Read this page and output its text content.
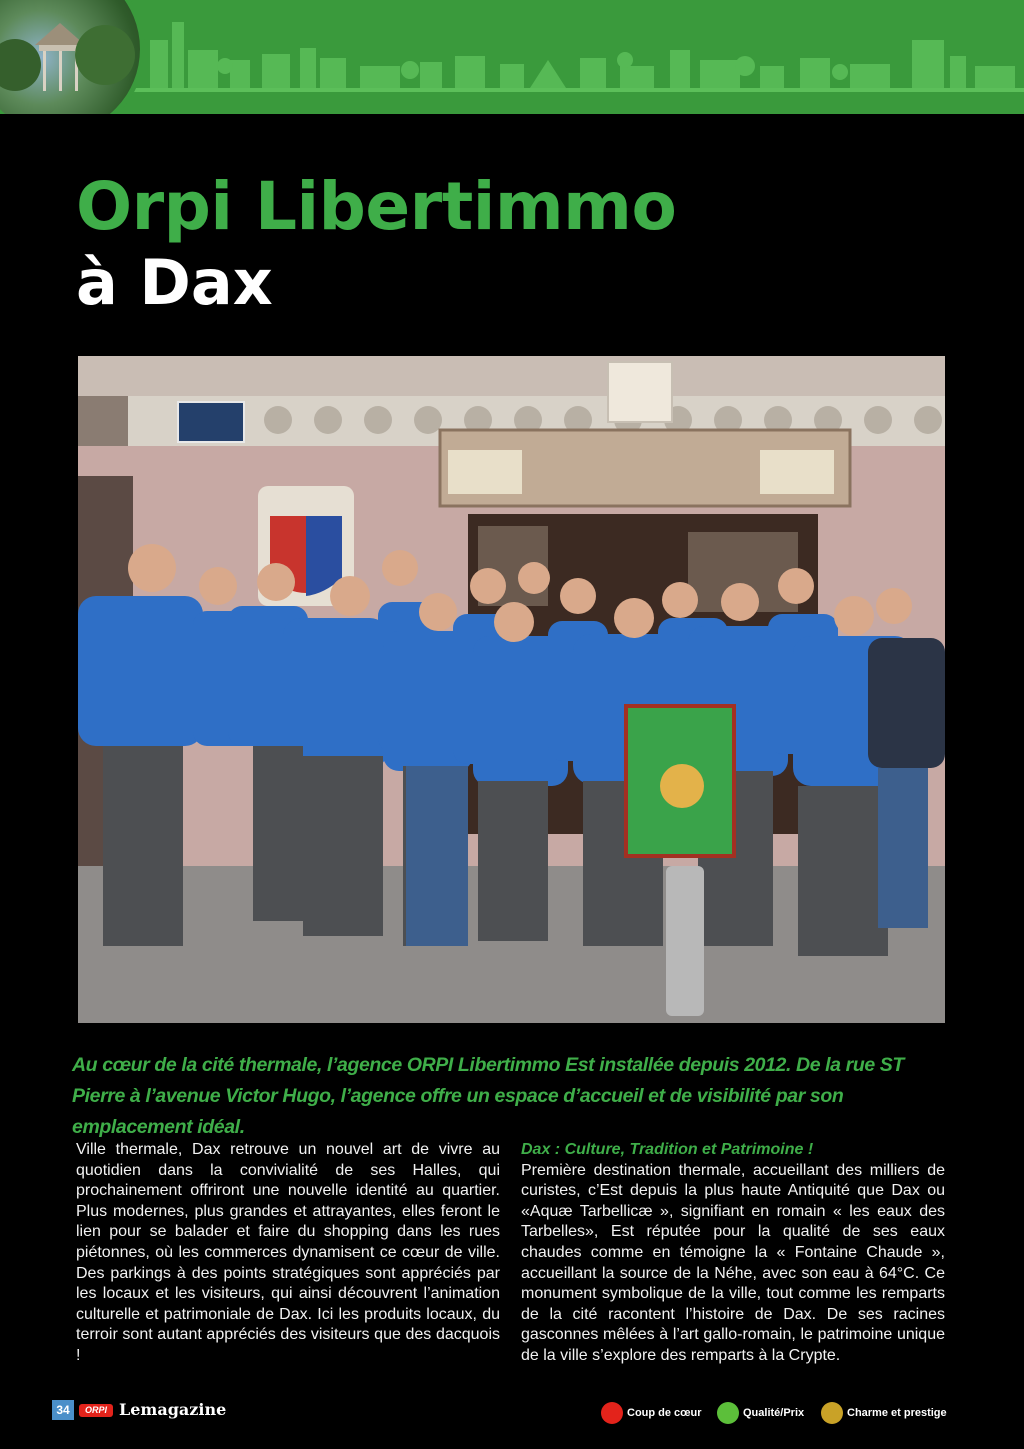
Orpi Libertimmo
à Dax
Au cœur de la cité thermale, l’agence ORPI Libertimmo Est installée depuis 2012. De la rue ST Pierre à l’avenue Victor Hugo, l’agence offre un espace d’accueil et de visibilité par son emplacement idéal.

Ville thermale, Dax retrouve un nouvel art de vivre au quotidien dans la convivialité de ses Halles, qui prochainement offriront une nouvelle identité au quartier. Plus modernes, plus grandes et attrayantes, elles feront le lien pour se balader et faire du shopping dans les rues piétonnes, où les commerces dynamisent ce cœur de ville. Des parkings à des points stratégiques sont appréciés par les locaux et les visiteurs, qui ainsi découvrent l’animation culturelle et patrimoniale de Dax. Ici les produits locaux, du terroir sont autant appréciés des visiteurs que des dacquois !

Dax : Culture, Tradition et Patrimoine !

Première destination thermale, accueillant des milliers de curistes, c’Est depuis la plus haute Antiquité que Dax ou «Aquæ Tarbellicæ », signifiant en romain « les eaux des Tarbelles», Est réputée pour la qualité de ses eaux chaudes comme en témoigne la « Fontaine Chaude », accueillant la source de la Néhe, avec son eau à 64°C. Ce monument symbolique de la ville, tout comme les remparts de la cité racontent l’histoire de Dax. De ses racines gasconnes mêlées à l’art gallo-romain, le patrimoine unique de la ville s’explore des remparts à la Crypte.

34	ORPI Lemagazine	Coup de cœur	Qualité/Prix	Charme et prestige
